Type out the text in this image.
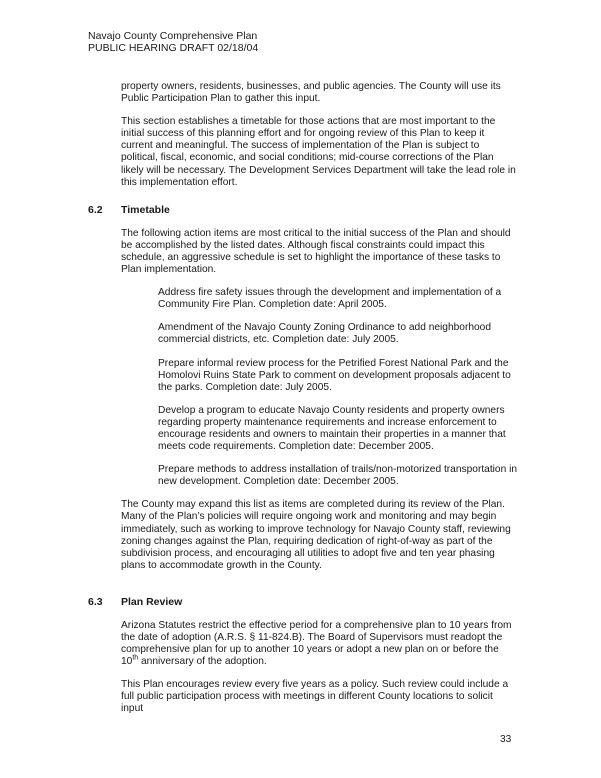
Navajo County Comprehensive Plan
PUBLIC HEARING DRAFT 02/18/04

property owners, residents, businesses, and public agencies. The County will use its Public Participation Plan to gather this input.

This section establishes a timetable for those actions that are most important to the initial success of this planning effort and for ongoing review of this Plan to keep it current and meaningful. The success of implementation of the Plan is subject to political, fiscal, economic, and social conditions; mid-course corrections of the Plan likely will be necessary. The Development Services Department will take the lead role in this implementation effort.

6.2 Timetable

The following action items are most critical to the initial success of the Plan and should be accomplished by the listed dates. Although fiscal constraints could impact this schedule, an aggressive schedule is set to highlight the importance of these tasks to Plan implementation.

Address fire safety issues through the development and implementation of a Community Fire Plan. Completion date: April 2005.

Amendment of the Navajo County Zoning Ordinance to add neighborhood commercial districts, etc. Completion date: July 2005.

Prepare informal review process for the Petrified Forest National Park and the Homolovi Ruins State Park to comment on development proposals adjacent to the parks. Completion date: July 2005.

Develop a program to educate Navajo County residents and property owners regarding property maintenance requirements and increase enforcement to encourage residents and owners to maintain their properties in a manner that meets code requirements. Completion date: December 2005.

Prepare methods to address installation of trails/non-motorized transportation in new development. Completion date: December 2005.

The County may expand this list as items are completed during its review of the Plan. Many of the Plan’s policies will require ongoing work and monitoring and may begin immediately, such as working to improve technology for Navajo County staff, reviewing zoning changes against the Plan, requiring dedication of right-of-way as part of the subdivision process, and encouraging all utilities to adopt five and ten year phasing plans to accommodate growth in the County.

6.3 Plan Review

Arizona Statutes restrict the effective period for a comprehensive plan to 10 years from the date of adoption (A.R.S. § 11-824.B). The Board of Supervisors must readopt the comprehensive plan for up to another 10 years or adopt a new plan on or before the 10th anniversary of the adoption.

This Plan encourages review every five years as a policy. Such review could include a full public participation process with meetings in different County locations to solicit input

33
